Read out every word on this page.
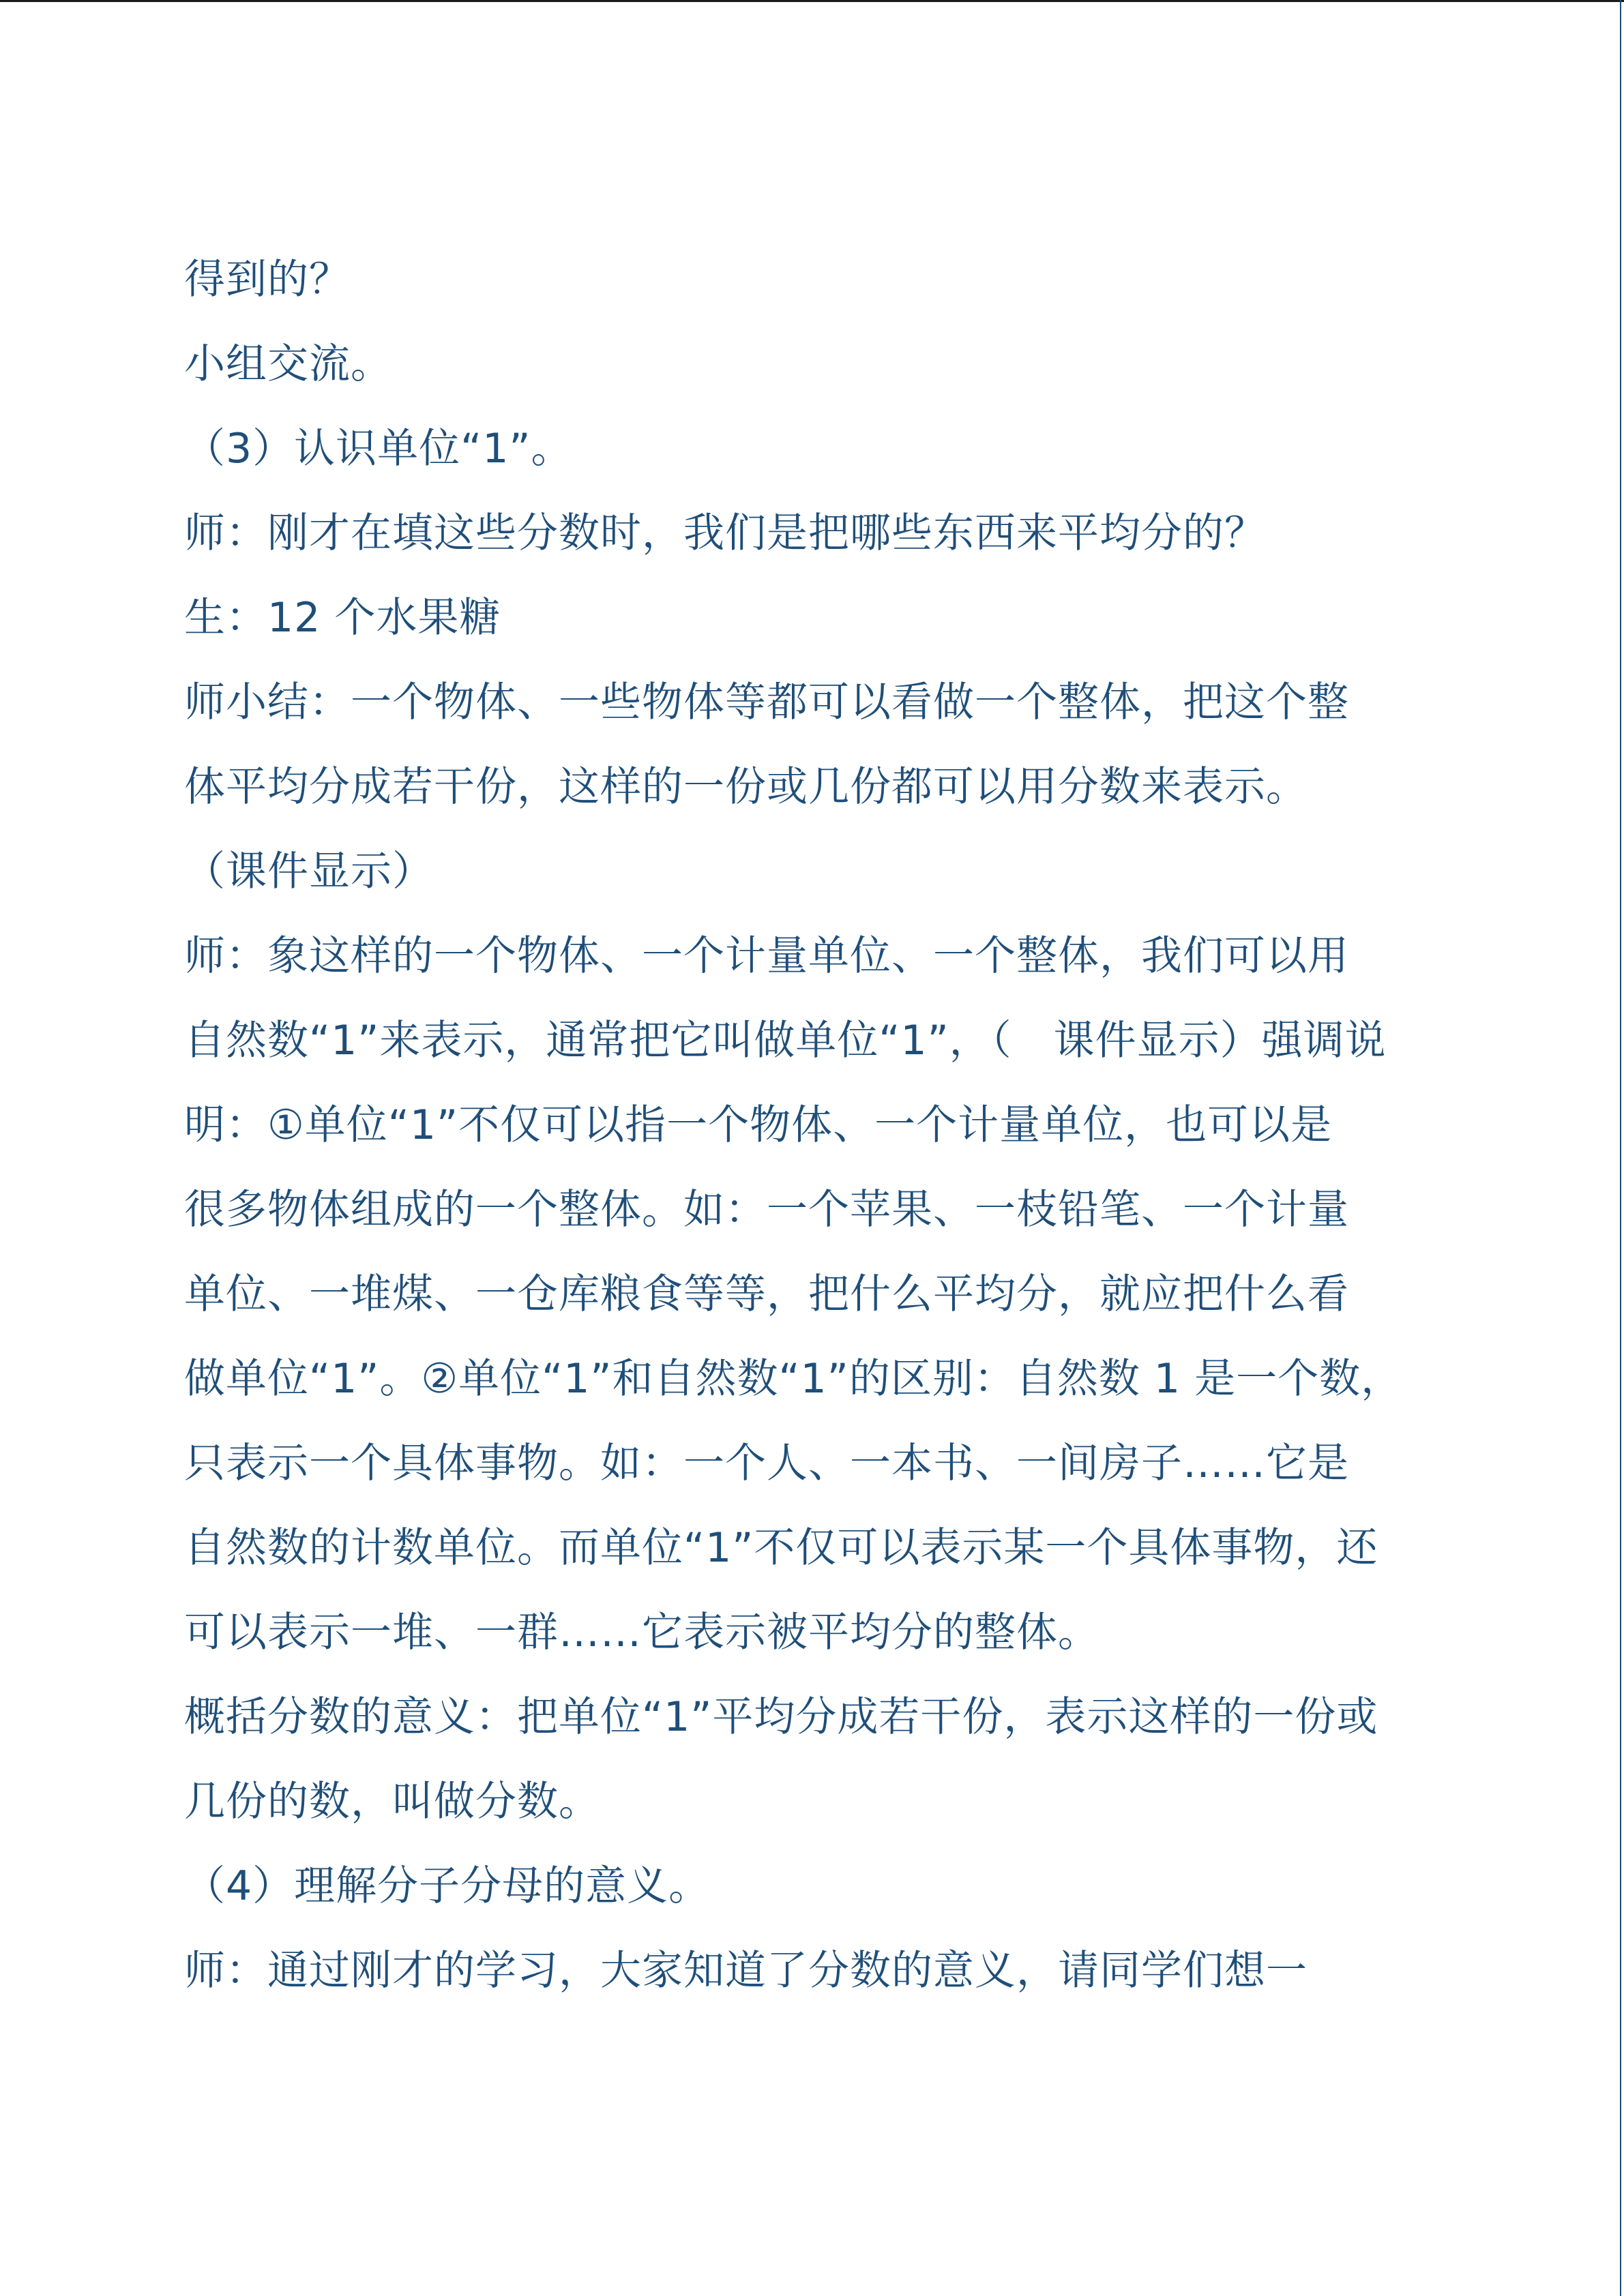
得到的？
小组交流。
（3）认识单位“1”。
师：刚才在填这些分数时，我们是把哪些东西来平均分的？
生：12 个水果糖
师小结：一个物体、一些物体等都可以看做一个整体，把这个整
体平均分成若干份，这样的一份或几份都可以用分数来表示。
（课件显示）
师：象这样的一个物体、一个计量单位、一个整体，我们可以用
自然数“1”来表示，通常把它叫做单位“1”，（　课件显示）强调说
明：①单位“1”不仅可以指一个物体、一个计量单位，也可以是
很多物体组成的一个整体。如：一个苹果、一枝铅笔、一个计量
单位、一堆煤、一仓库粮食等等，把什么平均分，就应把什么看
做单位“1”。②单位“1”和自然数“1”的区别：自然数 1 是一个数，
只表示一个具体事物。如：一个人、一本书、一间房子……它是
自然数的计数单位。而单位“1”不仅可以表示某一个具体事物，还
可以表示一堆、一群……它表示被平均分的整体。
概括分数的意义：把单位“1”平均分成若干份，表示这样的一份或
几份的数，叫做分数。
（4）理解分子分母的意义。
师：通过刚才的学习，大家知道了分数的意义，请同学们想一
